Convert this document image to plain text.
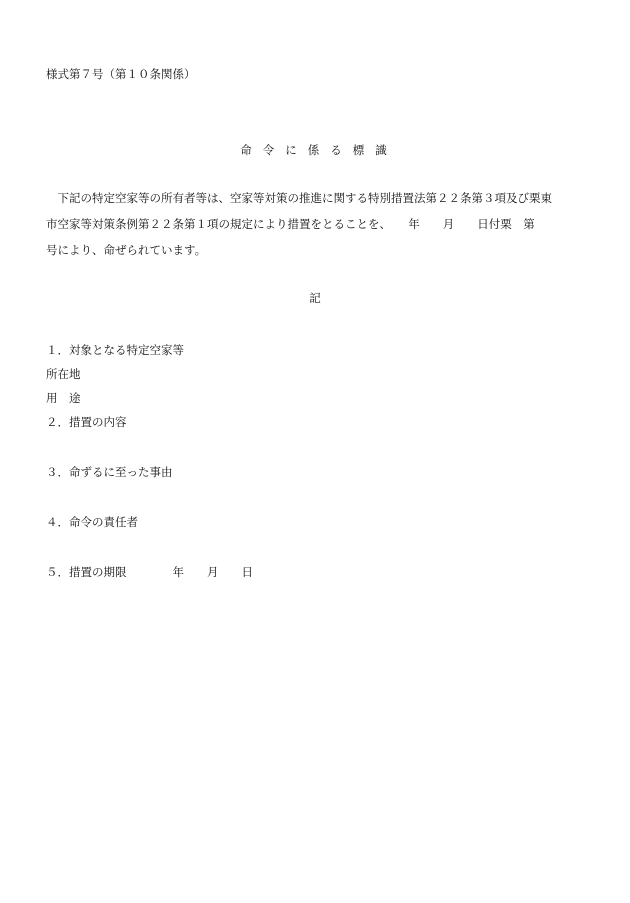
様式第７号（第１０条関係）
命令に係る標識
　下記の特定空家等の所有者等は、空家等対策の推進に関する特別措置法第２２条第３項及び栗東
市空家等対策条例第２２条第１項の規定により措置をとることを、　　年　　月　　日付栗　第
号により、命ぜられています。
記
１．対象となる特定空家等
所在地
用　途
２．措置の内容
３．命ずるに至った事由
４．命令の責任者
５．措置の期限　　　　年　　月　　日
